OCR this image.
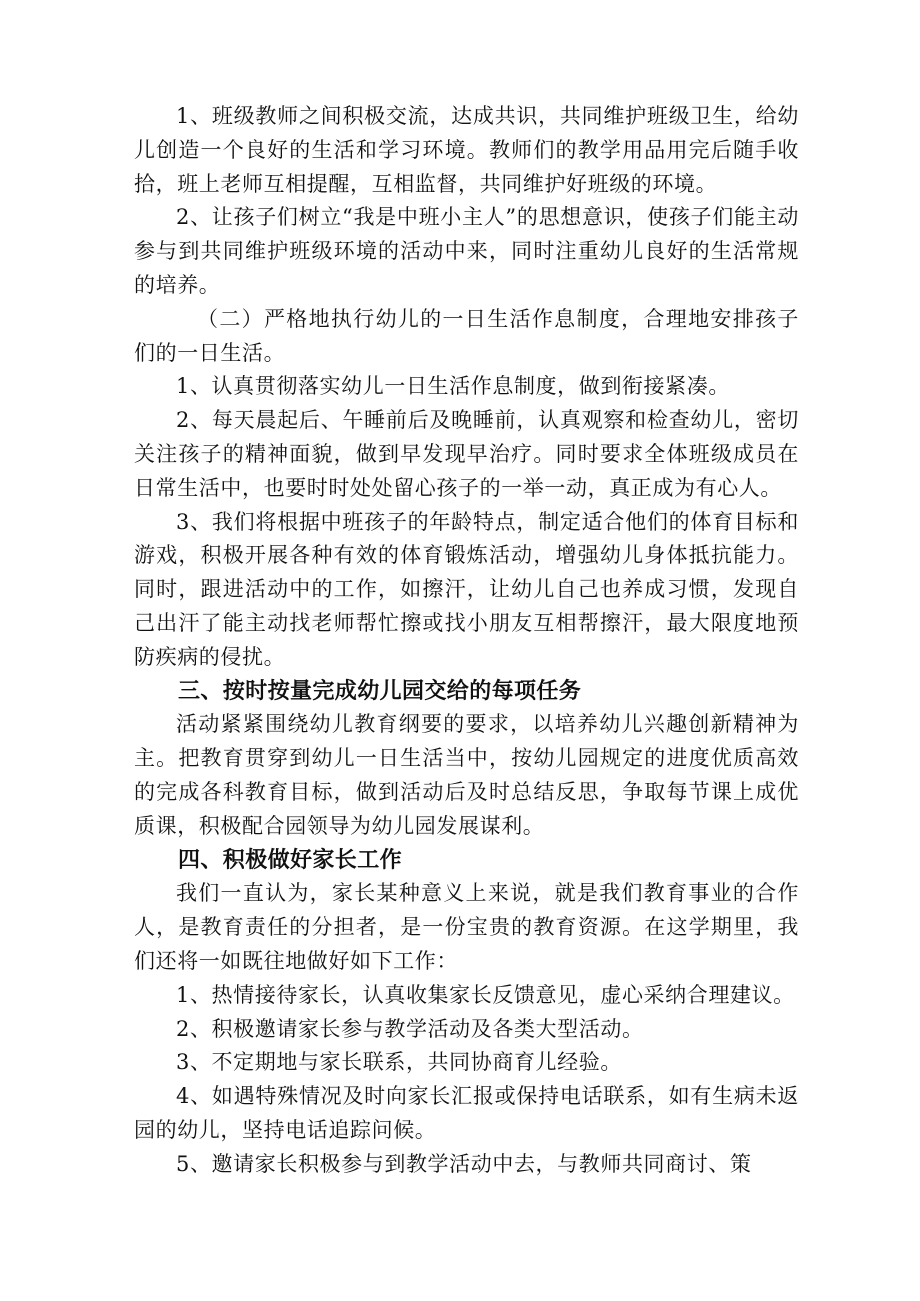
1、班级教师之间积极交流，达成共识，共同维护班级卫生，给幼儿创造一个良好的生活和学习环境。教师们的教学用品用完后随手收拾，班上老师互相提醒，互相监督，共同维护好班级的环境。

2、让孩子们树立“我是中班小主人”的思想意识，使孩子们能主动参与到共同维护班级环境的活动中来，同时注重幼儿良好的生活常规的培养。

（二）严格地执行幼儿的一日生活作息制度，合理地安排孩子们的一日生活。

1、认真贯彻落实幼儿一日生活作息制度，做到衔接紧凑。

2、每天晨起后、午睡前后及晚睡前，认真观察和检查幼儿，密切关注孩子的精神面貌，做到早发现早治疗。同时要求全体班级成员在日常生活中，也要时时处处留心孩子的一举一动，真正成为有心人。

3、我们将根据中班孩子的年龄特点，制定适合他们的体育目标和游戏，积极开展各种有效的体育锻炼活动，增强幼儿身体抵抗能力。同时，跟进活动中的工作，如擦汗，让幼儿自己也养成习惯，发现自己出汗了能主动找老师帮忙擦或找小朋友互相帮擦汗，最大限度地预防疾病的侵扰。

三、按时按量完成幼儿园交给的每项任务

活动紧紧围绕幼儿教育纲要的要求，以培养幼儿兴趣创新精神为主。把教育贯穿到幼儿一日生活当中，按幼儿园规定的进度优质高效的完成各科教育目标，做到活动后及时总结反思，争取每节课上成优质课，积极配合园领导为幼儿园发展谋利。

四、积极做好家长工作

我们一直认为，家长某种意义上来说，就是我们教育事业的合作人，是教育责任的分担者，是一份宝贵的教育资源。在这学期里，我们还将一如既往地做好如下工作：

1、热情接待家长，认真收集家长反馈意见，虚心采纳合理建议。

2、积极邀请家长参与教学活动及各类大型活动。

3、不定期地与家长联系，共同协商育儿经验。

4、如遇特殊情况及时向家长汇报或保持电话联系，如有生病未返园的幼儿，坚持电话追踪问候。

5、邀请家长积极参与到教学活动中去，与教师共同商讨、策
